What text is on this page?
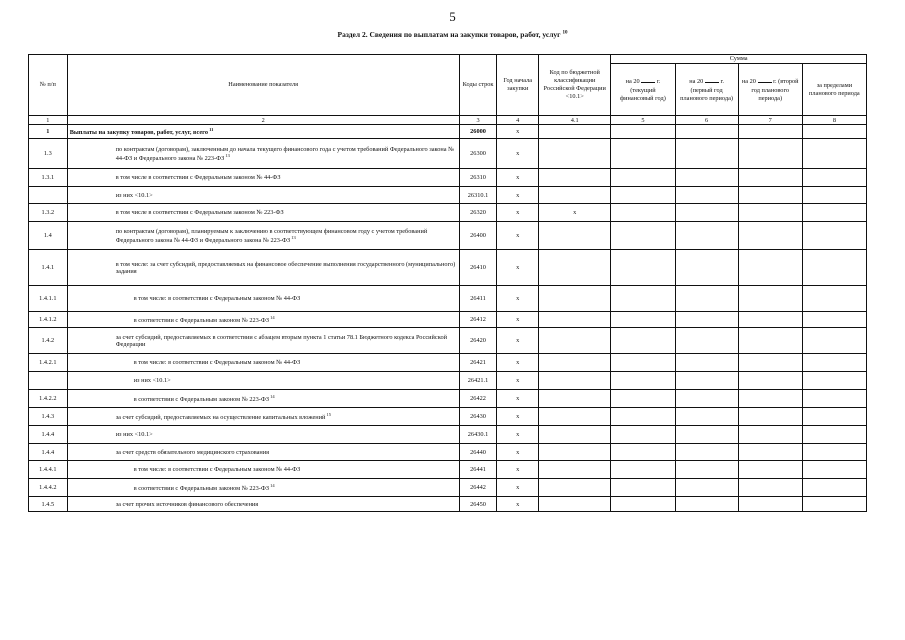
5
Раздел 2. Сведения по выплатам на закупки товаров, работ, услуг $^{10}$
№ п/п	Наименование показателя	Коды строк	Год начала закупки	Код по бюджетной классификации Российской Федерации <10.1>	Сумма			
					на 20 г. (текущий финансовый год)	на 20 г. (первый год планового периода)	на 20 г. (второй год планового периода)	за пределами планового периода
1	2	3	4	4.1	5	6	7	8
1	Выплаты на закупку товаров, работ, услуг, всего $^{11}$	26000	x					
1.3	по контрактам (договорам), заключенным до начала текущего финансового года с учетом требований Федерального закона № 44-ФЗ и Федерального закона № 223-ФЗ $^{13}$	26300	x					
1.3.1	в том числе в соответствии с Федеральным законом № 44-ФЗ	26310	x					
	из них <10.1>	26310.1	x					
1.3.2	в том числе в соответствии с Федеральным законом № 223-ФЗ	26320	x	x				
1.4	по контрактам (договорам), планируемым к заключению в соответствующем финансовом году с учетом требований Федерального закона № 44-ФЗ и Федерального закона № 223-ФЗ $^{13}$	26400	x					
1.4.1	в том числе: за счет субсидий, предоставляемых на финансовое обеспечение выполнения государственного (муниципального) задания	26410	x					
1.4.1.1	в том числе: в соответствии с Федеральным законом № 44-ФЗ	26411	x					
1.4.1.2	в соответствии с Федеральным законом № 223-ФЗ $^{14}$	26412	x					
1.4.2	за счет субсидий, предоставляемых в соответствии с абзацем вторым пункта 1 статьи 78.1 Бюджетного кодекса Российской Федерации	26420	x					
1.4.2.1	в том числе: в соответствии с Федеральным законом № 44-ФЗ	26421	x					
	из них <10.1>	26421.1	x					
1.4.2.2	в соответствии с Федеральным законом № 223-ФЗ $^{14}$	26422	x					
1.4.3	за счет субсидий, предоставляемых на осуществление капитальных вложений $^{15}$	26430	x					
1.4.4	из них <10.1>	26430.1	x					
1.4.4	за счет средств обязательного медицинского страхования	26440	x					
1.4.4.1	в том числе: в соответствии с Федеральным законом № 44-ФЗ	26441	x					
1.4.4.2	в соответствии с Федеральным законом № 223-ФЗ $^{14}$	26442	x					
1.4.5	за счет прочих источников финансового обеспечения	26450	x					
